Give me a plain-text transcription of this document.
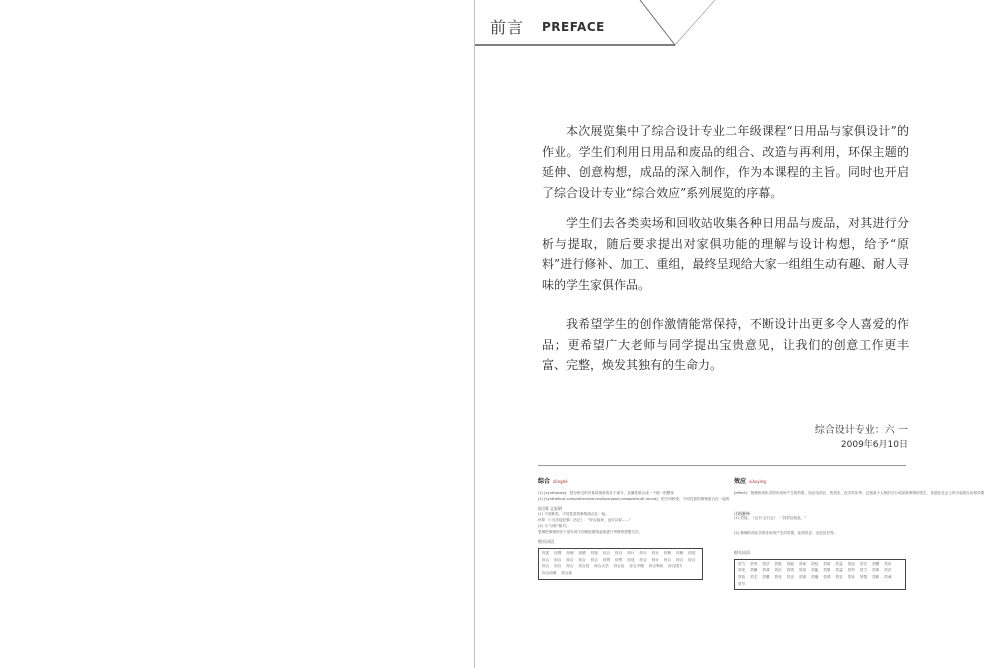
前言 PREFACE

本次展览集中了综合设计专业二年级课程“日用品与家俱设计”的作业。学生们利用日用品和废品的组合、改造与再利用，环保主题的延伸、创意构想，成品的深入制作，作为本课程的主旨。同时也开启了综合设计专业“综合效应”系列展览的序幕。

学生们去各类卖场和回收站收集各种日用品与废品，对其进行分析与提取，随后要求提出对家俱功能的理解与设计构想，给予“原料”进行修补、加工、重组，最终呈现给大家一组组生动有趣、耐人寻味的学生家俱作品。

我希望学生的创作激情能常保持，不断设计出更多令人喜爱的作品；更希望广大老师与同学提出宝贵意见，让我们的创意工作更丰富、完整，焕发其独有的生命力。

综合设计专业：六 一
2009年6月10日
综合 zōnghé
(1) [synthesize]：把分析过的对象或现象的各个部分、各属性联合成一个统一的整体
(2) [synthetical;comprehensive;multipurpose;composite;all-round]：把不同种类、不同性质的事物组合在一起的
综合6 义说明
(1) 不同种类、不同性质的事物组合在一起。
孙犁 《〈白洋淀纪事〉后记》：“综合起来，也可以说……”
(2) 与“分析”相对。
思维把事物的各个部分或不同特征联结起来进行考察的思维方法。
相关词语
综述 综观 综理 综错 综括 综合 综合 综计 综计 综计 综核 综核 综括
综合 综合 综合 综合 综合 综贯 综贯 综述 综合 综计 综合 综合 综合
综合 综合 综合 综合性 综合大学 综合征 综合平衡 综合利用 综合国力
综合治理 综合症
效应 xiàoyìng
[effect]：物理的或化学的作用所产生的效果，如光电效应、热效应、化学效应等；泛指某个人物的言行或某种事物的发生、发展在社会上所引起的反应和效果
详细解释
(1) 效验。《汉书·五行志》：“其效应如此。”
(2) 物理的或化学的作用所产生的效果，如热效应、光电效应等。
相关词语
效力 效劳 效法 效果 效能 效率 效验 效用 效益 效忠 效尤 效颦 效仿
效死 效顺 效命 效应 效绩 效用 效能 效果 效益 效劳 效力 效率 效法
效验 效尤 效颦 效死 效忠 效命 效顺 效绩 效实 效官 效情 效职 效诚
效节
